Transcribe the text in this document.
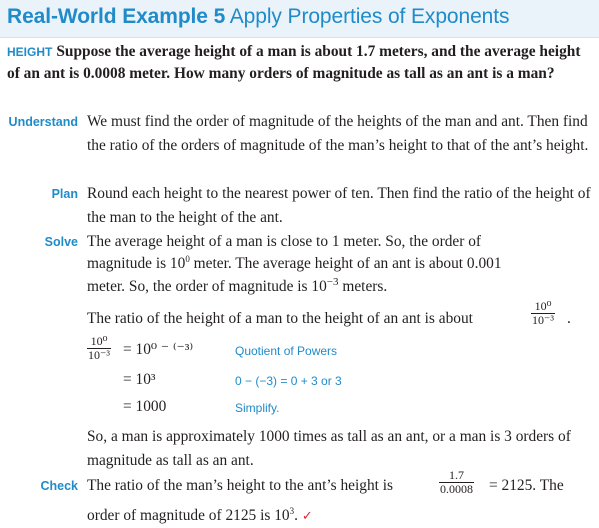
Real-World Example 5 Apply Properties of Exponents
HEIGHT Suppose the average height of a man is about 1.7 meters, and the average height of an ant is 0.0008 meter. How many orders of magnitude as tall as an ant is a man?
Understand We must find the order of magnitude of the heights of the man and ant. Then find the ratio of the orders of magnitude of the man’s height to that of the ant’s height.
Plan Round each height to the nearest power of ten. Then find the ratio of the height of the man to the height of the ant.
Solve The average height of a man is close to 1 meter. So, the order of
magnitude is $10^0$ meter. The average height of an ant is about 0.001
meter. So, the order of magnitude is $10^{-3}$ meters.
The ratio of the height of a man to the height of an ant is about	$\frac{\text{10⁰}}{\text{10⁻³}}$ .
$\frac{\text{10⁰}}{\text{10⁻³}} = 10^0$ ⁻ ⁽⁻³⁾	Quotient of Powers
= 10³	0 − (−3) = 0 + 3 or 3
= 1000	Simplify.
So, a man is approximately 1000 times as tall as an ant, or a man is 3 orders of magnitude as tall as an ant.
Check The ratio of the man’s height to the ant’s height is	$\frac{1.7}{0.0008} = 2125$. The
order of magnitude of 2125 is $10^3$. ✓
